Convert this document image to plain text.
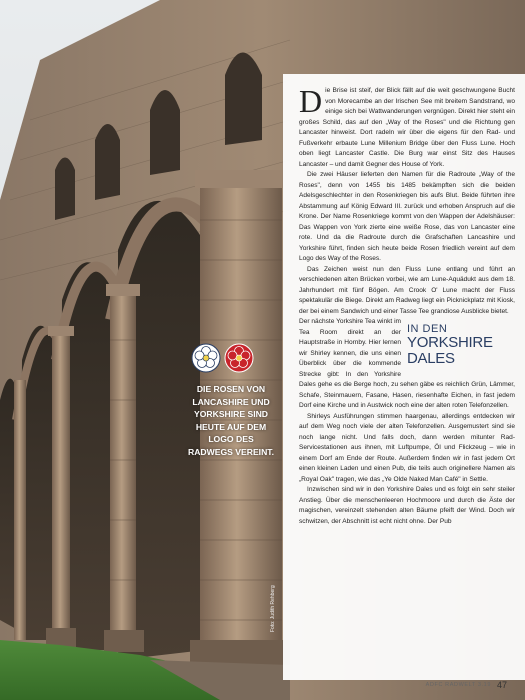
DIE ROSEN VON LANCASHIRE UND YORKSHIRE SIND HEUTE AUF DEM LOGO DES RADWEGS VEREINT.
Foto: Judith Rehberg

Die Brise ist steif, der Blick fällt auf die weit geschwungene Bucht von Morecambe an der Irischen See mit breitem Sandstrand, wo einige sich bei Wattwanderungen vergnügen. Direkt hier steht ein großes Schild, das auf den „Way of the Roses" und die Richtung gen Lancaster hinweist. Dort radeln wir über die eigens für den Rad- und Fußverkehr erbaute Lune Millenium Bridge über den Fluss Lune. Hoch oben liegt Lancaster Castle. Die Burg war einst Sitz des Hauses Lancaster – und damit Gegner des House of York.

Die zwei Häuser lieferten den Namen für die Radroute „Way of the Roses", denn von 1455 bis 1485 bekämpften sich die beiden Adelsgeschlechter in den Rosenkriegen bis aufs Blut. Beide führten ihre Abstammung auf König Edward III. zurück und erhoben Anspruch auf die Krone. Der Name Rosenkriege kommt von den Wappen der Adelshäuser: Das Wappen von York zierte eine weiße Rose, das von Lancaster eine rote. Und da die Radroute durch die Grafschaften Lancashire und Yorkshire führt, finden sich heute beide Rosen friedlich vereint auf dem Logo des Way of the Roses.

Das Zeichen weist nun den Fluss Lune entlang und führt an verschiedenen alten Brücken vorbei, wie am Lune-Aquädukt aus dem 18. Jahrhundert mit fünf Bögen. Am Crook O' Lune macht der Fluss spektakulär die Biege. Direkt am Radweg liegt ein Picknickplatz mit Kiosk, der bei einem Sandwich und einer Tasse Tee grandiose Ausblicke bietet.

IN DEN
YORKSHIRE DALES
Der nächste Yorkshire Tea winkt im Tea Room direkt an der Hauptstraße in Hornby. Hier lernen wir Shirley kennen, die uns einen Überblick über die kommende Strecke gibt: In den Yorkshire Dales gehe es die Berge hoch, zu sehen gäbe es reichlich Grün, Lämmer, Schafe, Steinmauern, Fasane, Hasen, riesenhafte Eichen, in fast jedem Dorf eine Kirche und in Austwick noch eine der alten roten Telefonzellen.

Shirleys Ausführungen stimmen haargenau, allerdings entdecken wir auf dem Weg noch viele der alten Telefonzellen. Ausgemustert sind sie noch lange nicht. Und falls doch, dann werden mitunter Rad-Servicestationen aus ihnen, mit Luftpumpe, Öl und Flickzeug – wie in einem Dorf am Ende der Route. Außerdem finden wir in fast jedem Ort einen kleinen Laden und einen Pub, die teils auch originellere Namen als „Royal Oak" tragen, wie das „Ye Olde Naked Man Café" in Settle.

Inzwischen sind wir in den Yorkshire Dales und es folgt ein sehr steiler Anstieg. Über die menschenleeren Hochmoore und durch die Äste der magischen, vereinzelt stehenden alten Bäume pfeift der Wind. Doch wir schwitzen, der Abschnitt ist echt nicht ohne. Der Pub

ADFC RADWELT 3.19 47
